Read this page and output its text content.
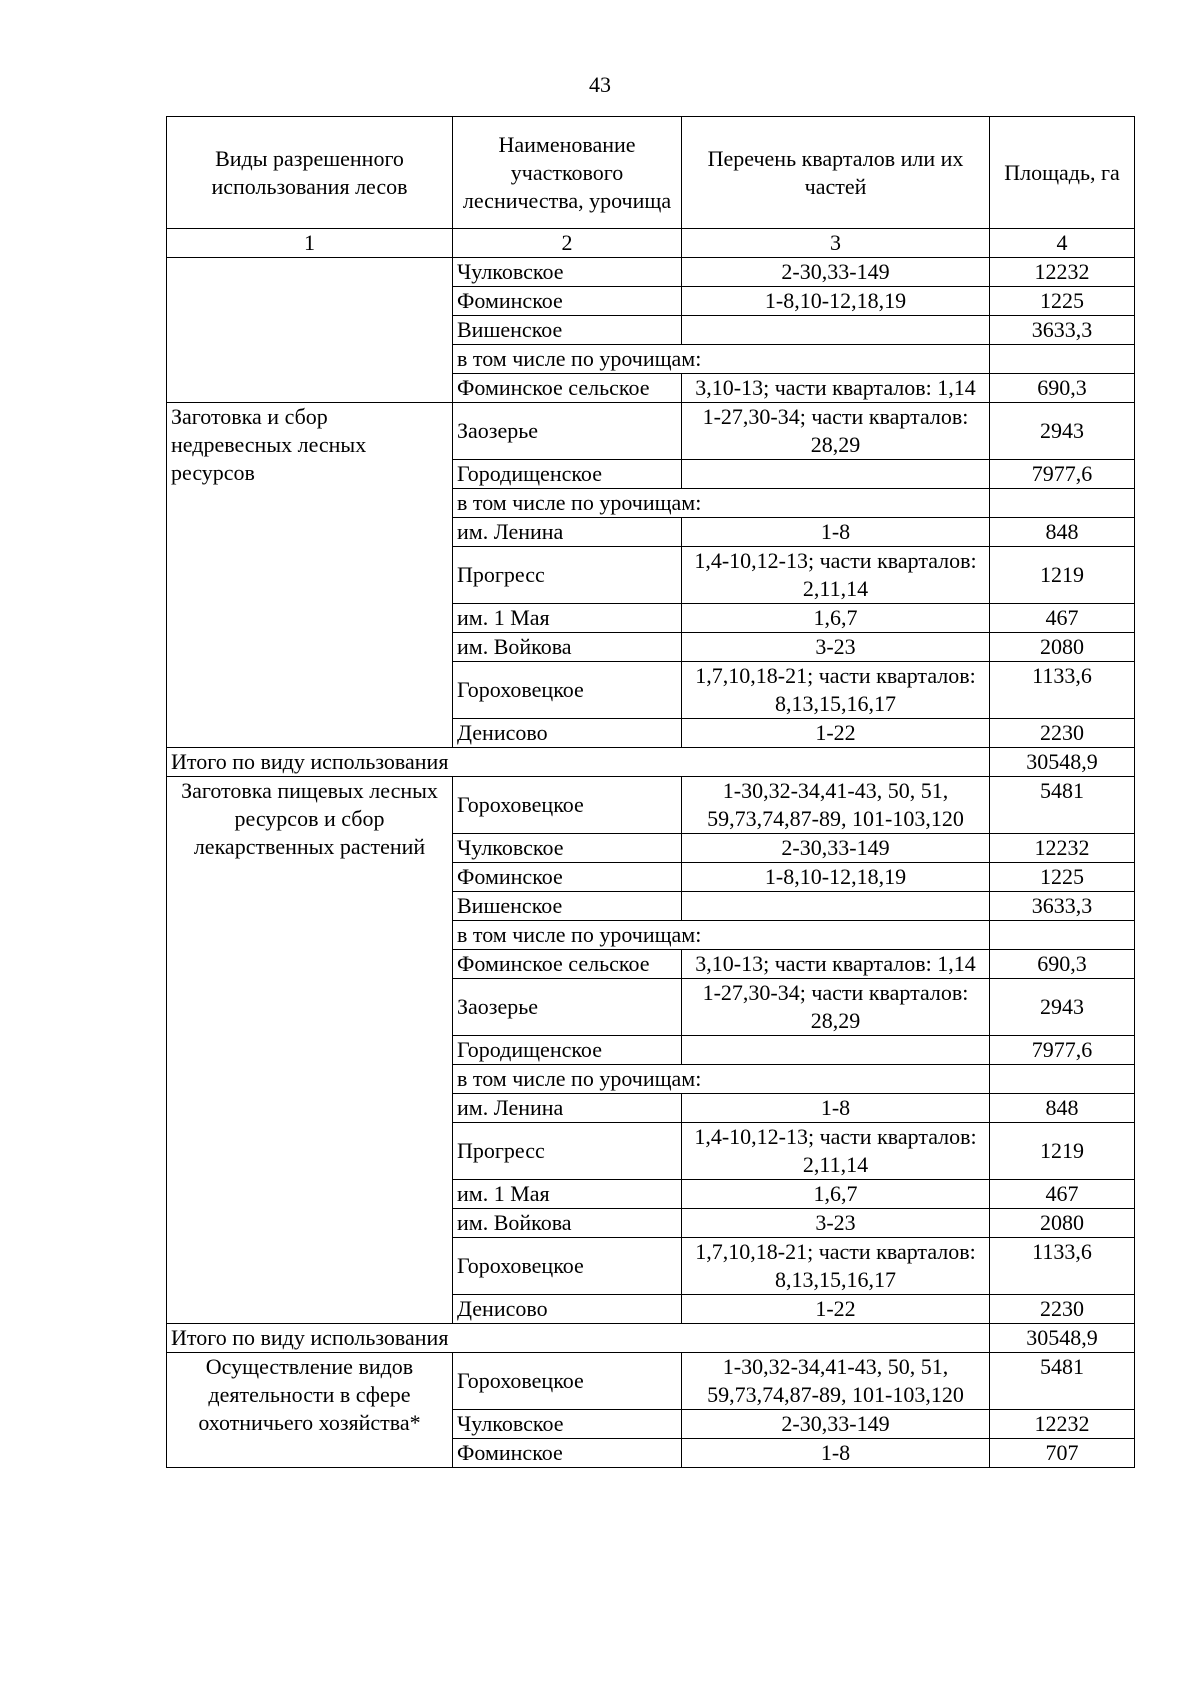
43
Виды разрешенного использования лесов	Наименование участкового лесничества, урочища	Перечень кварталов или их частей	Площадь, га
1	2	3	4
	Чулковское	2-30,33-149	12232
	Фоминское	1-8,10-12,18,19	1225
	Вишенское		3633,3
	в том числе по урочищам:		
	Фоминское сельское	3,10-13; части кварталов: 1,14	690,3
Заготовка и сбор недревесных лесных ресурсов	Заозерье	1-27,30-34; части кварталов: 28,29	2943
	Городищенское		7977,6
	в том числе по урочищам:		
	им. Ленина	1-8	848
	Прогресс	1,4-10,12-13; части кварталов: 2,11,14	1219
	им. 1 Мая	1,6,7	467
	им. Войкова	3-23	2080
	Гороховецкое	1,7,10,18-21; части кварталов: 8,13,15,16,17	1133,6
	Денисово	1-22	2230
Итого по виду использования			30548,9
Заготовка пищевых лесных ресурсов и сбор лекарственных растений	Гороховецкое	1-30,32-34,41-43, 50, 51, 59,73,74,87-89, 101-103,120	5481
	Чулковское	2-30,33-149	12232
	Фоминское	1-8,10-12,18,19	1225
	Вишенское		3633,3
	в том числе по урочищам:		
	Фоминское сельское	3,10-13; части кварталов: 1,14	690,3
	Заозерье	1-27,30-34; части кварталов: 28,29	2943
	Городищенское		7977,6
	в том числе по урочищам:		
	им. Ленина	1-8	848
	Прогресс	1,4-10,12-13; части кварталов: 2,11,14	1219
	им. 1 Мая	1,6,7	467
	им. Войкова	3-23	2080
	Гороховецкое	1,7,10,18-21; части кварталов: 8,13,15,16,17	1133,6
	Денисово	1-22	2230
Итого по виду использования			30548,9
Осуществление видов деятельности в сфере охотничьего хозяйства*	Гороховецкое	1-30,32-34,41-43, 50, 51, 59,73,74,87-89, 101-103,120	5481
	Чулковское	2-30,33-149	12232
	Фоминское	1-8	707
